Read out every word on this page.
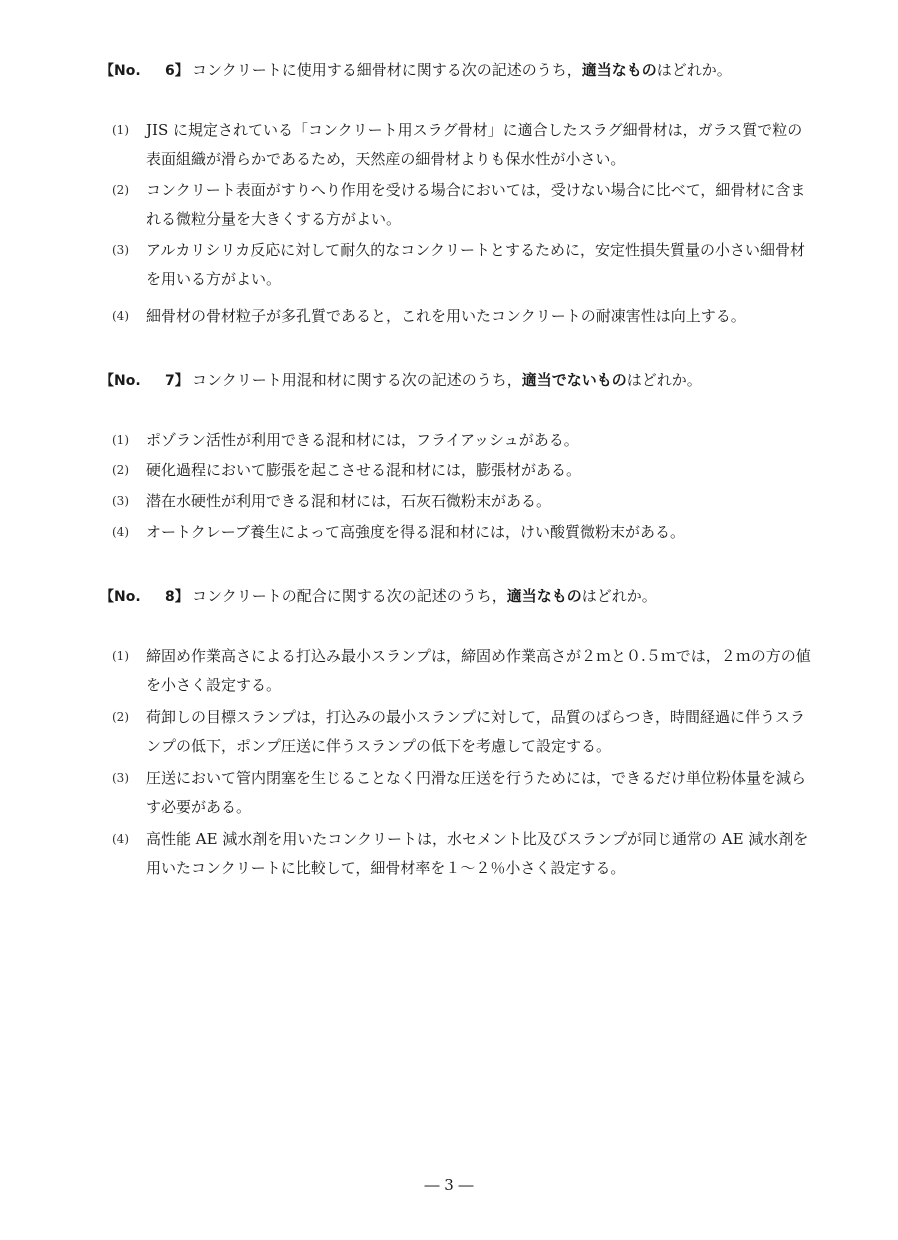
【No. 6】 コンクリートに使用する細骨材に関する次の記述のうち，適当なものはどれか。
(1)	JIS に規定されている「コンクリート用スラグ骨材」に適合したスラグ細骨材は，ガラス質で粒の表面組織が滑らかであるため，天然産の細骨材よりも保水性が小さい。
(2)	コンクリート表面がすりへり作用を受ける場合においては，受けない場合に比べて，細骨材に含まれる微粒分量を大きくする方がよい。
(3)	アルカリシリカ反応に対して耐久的なコンクリートとするために，安定性損失質量の小さい細骨材を用いる方がよい。
(4)	細骨材の骨材粒子が多孔質であると，これを用いたコンクリートの耐凍害性は向上する。
【No. 7】 コンクリート用混和材に関する次の記述のうち，適当でないものはどれか。
(1)	ポゾラン活性が利用できる混和材には，フライアッシュがある。
(2)	硬化過程において膨張を起こさせる混和材には，膨張材がある。
(3)	潜在水硬性が利用できる混和材には，石灰石微粉末がある。
(4)	オートクレーブ養生によって高強度を得る混和材には，けい酸質微粉末がある。
【No. 8】 コンクリートの配合に関する次の記述のうち，適当なものはどれか。
(1)	締固め作業高さによる打込み最小スランプは，締固め作業高さが２ｍと０.５ｍでは，２ｍの方の値を小さく設定する。
(2)	荷卸しの目標スランプは，打込みの最小スランプに対して，品質のばらつき，時間経過に伴うスランプの低下，ポンプ圧送に伴うスランプの低下を考慮して設定する。
(3)	圧送において管内閉塞を生じることなく円滑な圧送を行うためには，できるだけ単位粉体量を減らす必要がある。
(4)	高性能 AE 減水剤を用いたコンクリートは，水セメント比及びスランプが同じ通常の AE 減水剤を用いたコンクリートに比較して，細骨材率を１～２％小さく設定する。
― 3 ―
